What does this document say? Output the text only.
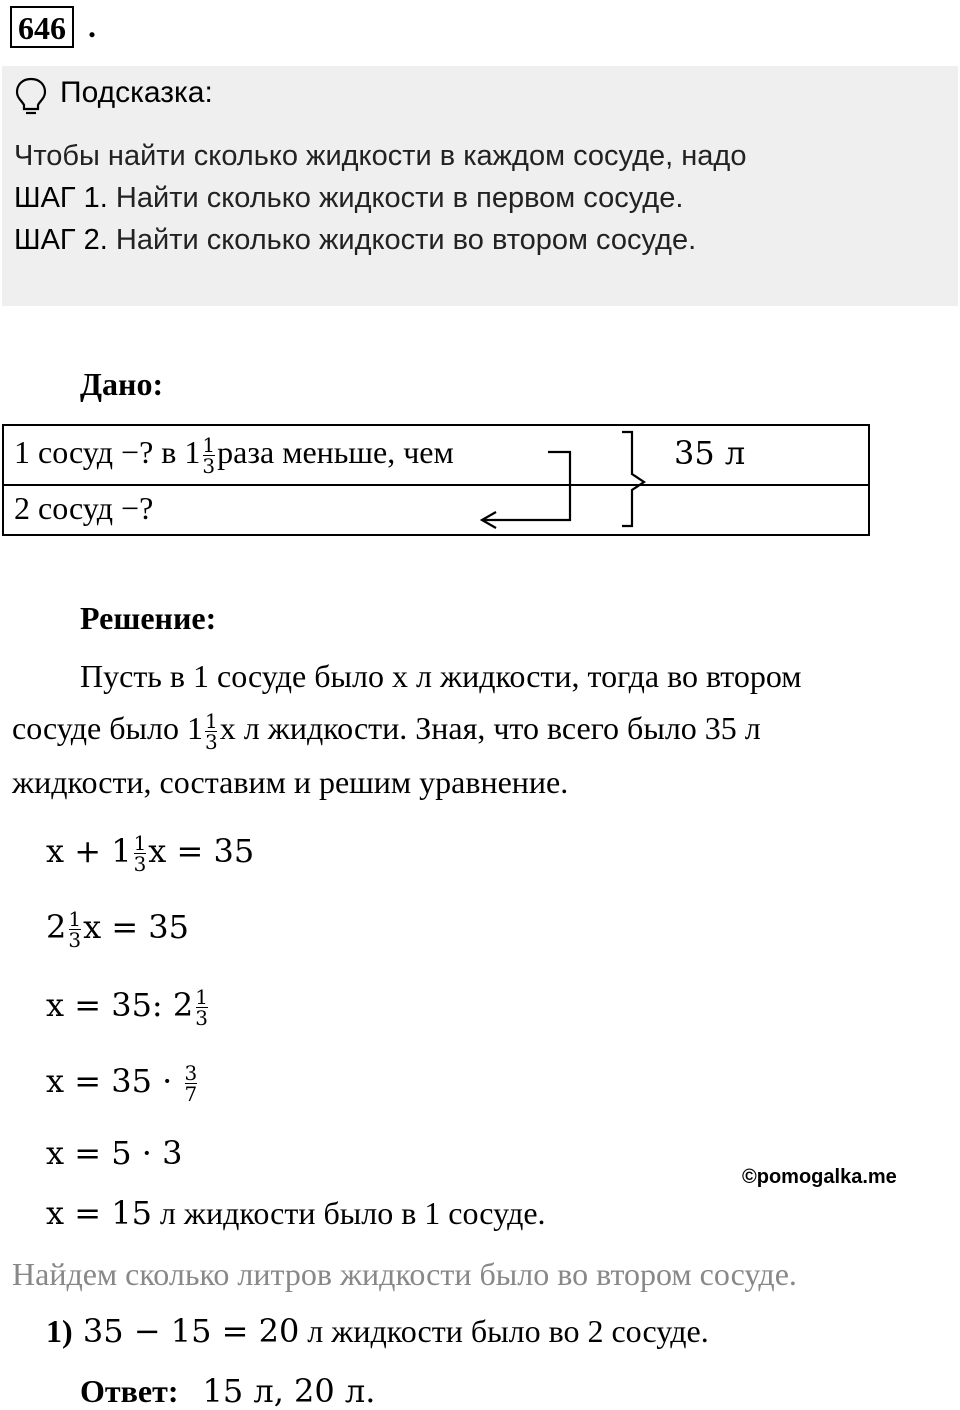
646 .
Подсказка:
Чтобы найти сколько жидкости в каждом сосуде, надо
ШАГ 1. Найти сколько жидкости в первом сосуде.
ШАГ 2. Найти сколько жидкости во втором сосуде.
Дано:
1 сосуд −? в $1 \frac{1}{3}$ раза меньше, чем
2 сосуд −?
35 л
Решение:
Пусть в 1 сосуде было х л жидкости, тогда во втором
сосуде было $1 \frac{1}{3}$ х л жидкости. Зная, что всего было 35 л
жидкости, составим и решим уравнение.
$x + 1 \frac{1}{3}$ x = 35
$2 \frac{1}{3}$ x = 35
x = 35: $2 \frac{1}{3}$
$x = 35 \cdot \frac{3}{7}$
x = 5 · 3
x = 15 л жидкости было в 1 сосуде.
©pomogalka.me
Найдем сколько литров жидкости было во втором сосуде.
1) 35 − 15 = 20 л жидкости было во 2 сосуде.
Ответ: 15 л, 20 л.
